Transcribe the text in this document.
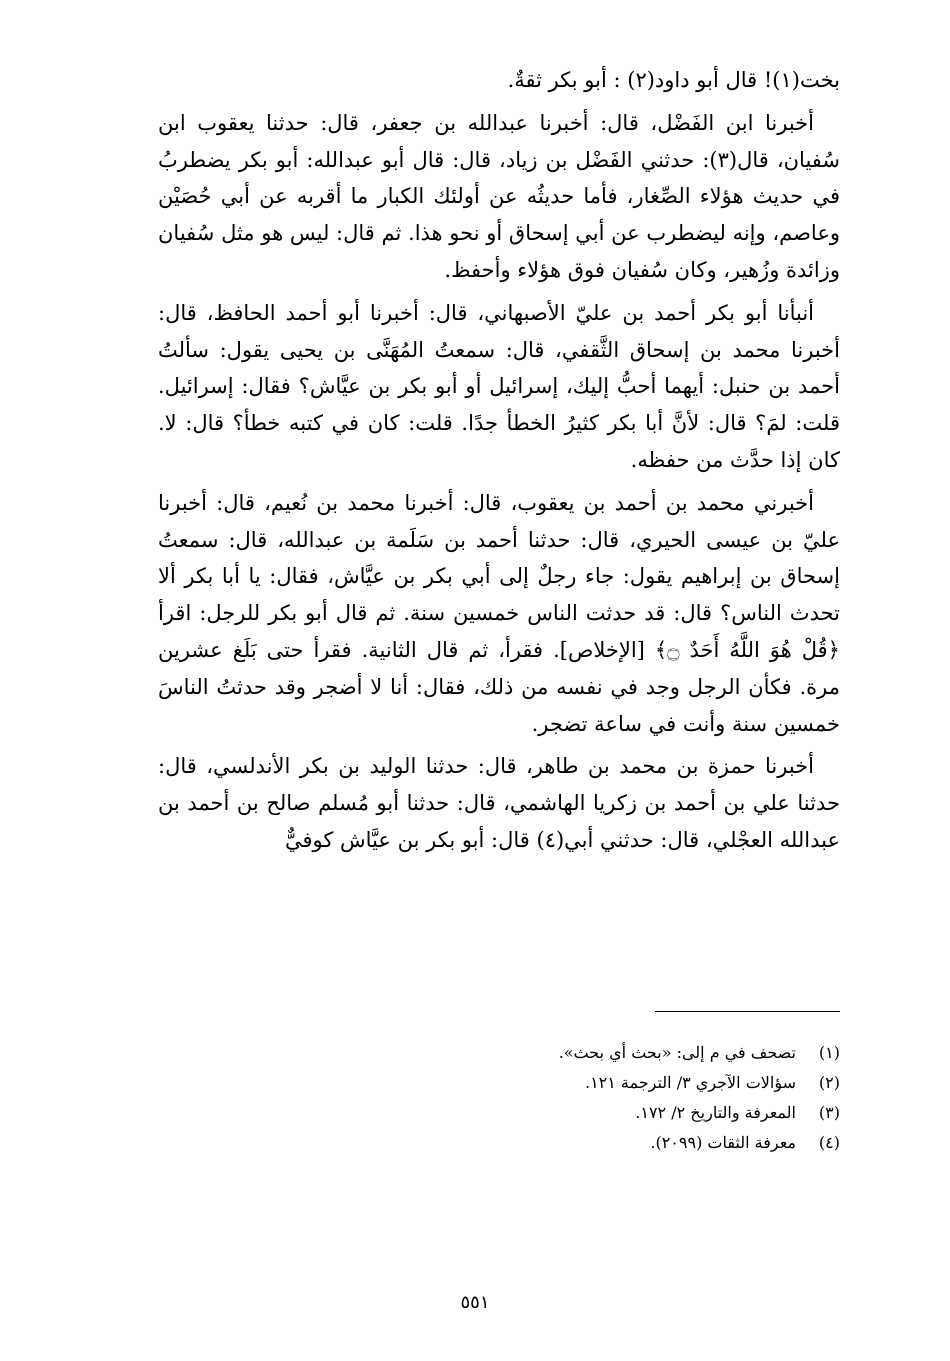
بخت(١)! قال أبو داود(٢) : أبو بكر ثقةٌ.

أخبرنا ابن الفَضْل، قال: أخبرنا عبدالله بن جعفر، قال: حدثنا يعقوب ابن سُفيان، قال(٣): حدثني الفَضْل بن زياد، قال: قال أبو عبدالله: أبو بكر يضطربُ في حديث هؤلاء الصِّغار، فأما حديثُه عن أولئك الكبار ما أقربه عن أبي حُصَيْن وعاصم، وإنه ليضطرب عن أبي إسحاق أو نحو هذا. ثم قال: ليس هو مثل سُفيان وزائدة وزُهير، وكان سُفيان فوق هؤلاء وأحفظ.

أنبأنا أبو بكر أحمد بن عليّ الأصبهاني، قال: أخبرنا أبو أحمد الحافظ، قال: أخبرنا محمد بن إسحاق الثَّقفي، قال: سمعتُ المُهَنَّى بن يحيى يقول: سألتُ أحمد بن حنبل: أيهما أحبُّ إليك، إسرائيل أو أبو بكر بن عيَّاش؟ فقال: إسرائيل. قلت: لمَ؟ قال: لأنَّ أبا بكر كثيرُ الخطأ جدًا. قلت: كان في كتبه خطأ؟ قال: لا. كان إذا حدَّث من حفظه.

أخبرني محمد بن أحمد بن يعقوب، قال: أخبرنا محمد بن نُعيم، قال: أخبرنا عليّ بن عيسى الحيري، قال: حدثنا أحمد بن سَلَمة بن عبدالله، قال: سمعتُ إسحاق بن إبراهيم يقول: جاء رجلٌ إلى أبي بكر بن عيَّاش، فقال: يا أبا بكر ألا تحدث الناس؟ قال: قد حدثت الناس خمسين سنة. ثم قال أبو بكر للرجل: اقرأ ﴿قُلْ هُوَ اللَّهُ أَحَدٌ ۝﴾ [الإخلاص]. فقرأ، ثم قال الثانية. فقرأ حتى بَلَغ عشرين مرة. فكأن الرجل وجد في نفسه من ذلك، فقال: أنا لا أضجر وقد حدثتُ الناسَ خمسين سنة وأنت في ساعة تضجر.

أخبرنا حمزة بن محمد بن طاهر، قال: حدثنا الوليد بن بكر الأندلسي، قال: حدثنا علي بن أحمد بن زكريا الهاشمي، قال: حدثنا أبو مُسلم صالح بن أحمد بن عبدالله العجْلي، قال: حدثني أبي(٤) قال: أبو بكر بن عيَّاش كوفيٌّ

(١)تصحف في م إلى: «بحث أي بحث».
(٢)سؤالات الآجري ٣/ الترجمة ١٢١.
(٣)المعرفة والتاريخ ٢/ ١٧٢.
(٤)معرفة الثقات (٢٠٩٩).
٥٥١
